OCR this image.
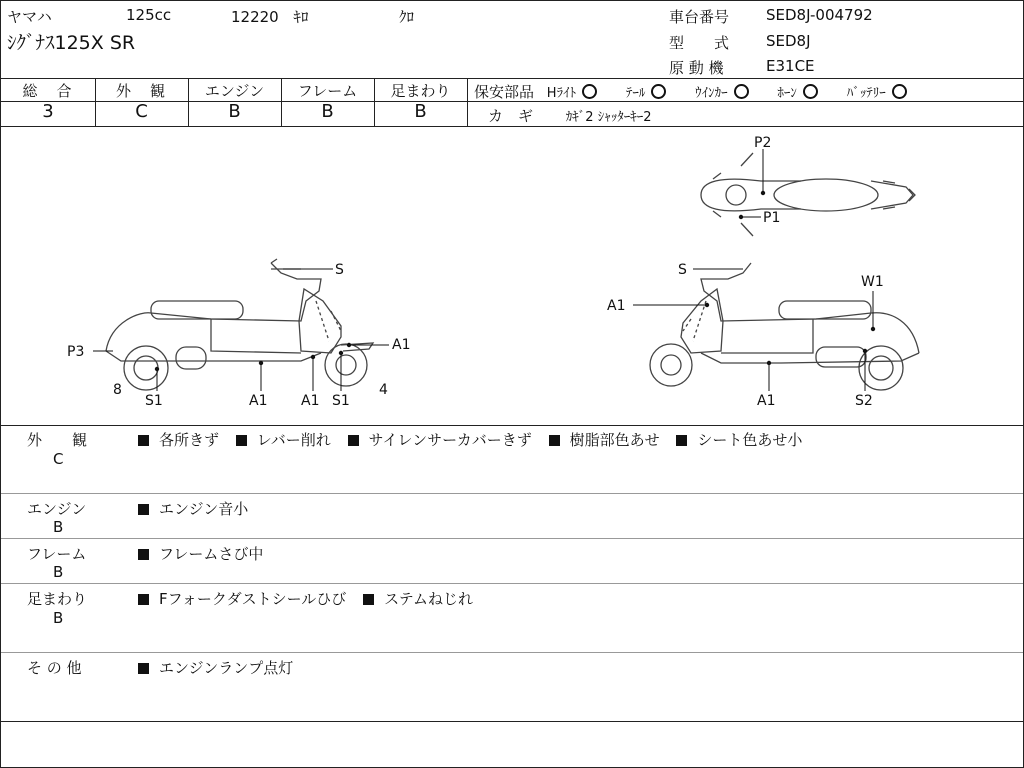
ヤマハ	125cc	12220 ｷﾛ	ｸﾛ
ｼｸﾞﾅｽ125X SR
車台番号 SED8J-004792
型　　式 SED8J
原 動 機	E31CE
総　合	外　観	エンジン	フレーム	足まわり
3	C	B	B	B
保安部品 Hﾗｲﾄ	ﾃｰﾙ	ｳｲﾝｶｰ	ﾎｰﾝ	ﾊﾞｯﾃﾘｰ
カ　ギ	ｶｷﾞ2 ｼｬｯﾀｰｷｰ2
S
P3
8
S1	A1 A1 S1
A1
4
S
A1
W1
A1	S2
P2
P1
外　　観
C
各所きず	レバー削れ	サイレンサーカバーきず	樹脂部色あせ	シート色あせ小
エンジン
B
エンジン音小
フレーム
B
フレームさび中
足まわり
B
Fフォークダストシールひび	ステムねじれ
そ の 他	エンジンランプ点灯
